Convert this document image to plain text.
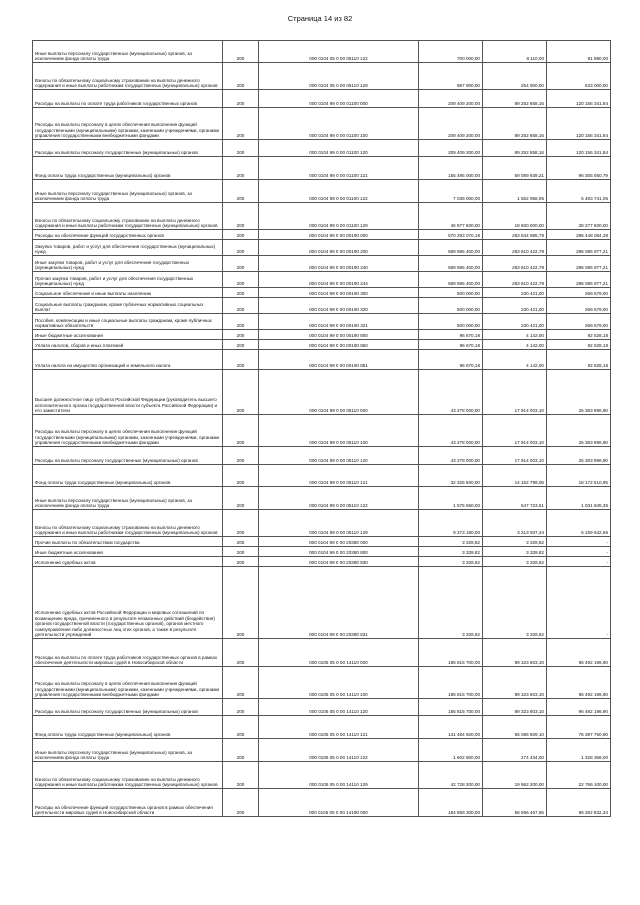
Страница 14 из 82
Иные выплаты персоналу государственных (муниципальных) органов, за исключением фонда оплаты труда	200	000 0104 05 0 00 05110 122	700 000,00	8 110,00	91 890,00
Взносы по обязательному социальному страхованию на выплаты денежного содержания и иные выплаты работникам государственных (муниципальных) органов	200	000 0104 05 0 00 05110 129	887 900,00	254 900,00	633 000,00
Расходы на выплаты по оплате труда работников государственных органов	200	000 0104 99 0 00 01100 000	209 409 200,00	89 252 858,16	120 156 341,84
Расходы на выплаты персоналу в целях обеспечения выполнения функций государственными (муниципальными) органами, казенными учреждениями, органами управления государственными внебюджетными фондами	200	000 0104 99 0 00 01100 100	209 409 200,00	89 252 858,16	120 156 341,84
Расходы на выплаты персоналу государственных (муниципальных) органов	200	000 0104 99 0 00 01100 120	209 409 200,00	89 252 858,16	120 156 341,84
Фонд оплаты труда государственных (муниципальных) органов	200	000 0104 99 0 00 01100 121	155 495 000,00	59 089 939,21	96 305 060,79
Иные выплаты персоналу государственных (муниципальных) органов, за исключением фонда оплаты труда	200	000 0104 99 0 00 01100 122	7 036 000,00	1 552 958,95	5 483 741,05
Взносы по обязательному социальному страхованию на выплаты денежного содержания и иные выплаты работникам государственных (муниципальных) органов	200	000 0104 99 0 00 01100 129	46 877 600,00	18 600 000,00	28 277 600,00
Расходы на обеспечение функций государственных органов	200	000 0104 99 0 00 00190 000	570 293 070,18	283 844 985,79	286 448 084,39
Закупка товаров, работ и услуг для обеспечения государственных (муниципальных) нужд	200	000 0104 99 0 00 00190 200	569 696 400,00	283 610 422,79	286 085 977,21
Иные закупки товаров, работ и услуг для обеспечения государственных (муниципальных) нужд	200	000 0104 99 0 00 00190 240	569 696 400,00	283 610 422,79	286 085 977,21
Прочая закупка товаров, работ и услуг для обеспечения государственных (муниципальных) нужд	200	000 0104 99 0 00 00190 244	569 696 400,00	283 610 422,79	286 085 977,21
Социальное обеспечение и иные выплаты населению	200	000 0104 99 0 00 00190 300	500 000,00	230 421,00	269 579,00
Социальные выплаты гражданам, кроме публичных нормативных социальных выплат	200	000 0104 99 0 00 00190 320	500 000,00	230 421,00	269 579,00
Пособия, компенсации и иные социальные выплаты гражданам, кроме публичных нормативных обязательств	200	000 0104 99 0 00 00190 321	500 000,00	230 421,00	269 579,00
Иные бюджетные ассигнования	200	000 0104 99 0 00 00190 800	96 670,18	4 142,00	92 528,18
Уплата налогов, сборов и иных платежей	200	000 0104 99 0 00 00190 850	96 670,18	4 142,00	92 528,18
Уплата налога на имущество организаций и земельного налога	200	000 0104 99 0 00 00190 851	96 670,18	4 142,00	92 528,18
Высшее должностное лицо субъекта Российской Федерации (руководитель высшего исполнительного органа государственной власти субъекта Российской Федерации) и его заместители	200	000 0104 99 0 00 05110 000	43 278 000,00	17 914 003,10	25 363 996,90
Расходы на выплаты персоналу в целях обеспечения выполнения функций государственными (муниципальными) органами, казенными учреждениями, органами управления государственными внебюджетными фондами	200	000 0104 99 0 00 05110 100	43 278 000,00	17 914 003,10	25 363 996,90
Расходы на выплаты персоналу государственных (муниципальных) органов	200	000 0104 99 0 00 05110 120	43 278 000,00	17 914 003,10	25 363 996,90
Фонд оплаты труда государственных (муниципальных) органов	200	000 0104 99 0 00 05110 121	32 325 500,00	14 152 799,05	18 172 510,95
Иные выплаты персоналу государственных (муниципальных) органов, за исключением фонда оплаты труда	200	000 0104 99 0 00 05110 122	1 575 560,00	547 723,51	1 031 845,36
Взносы по обязательному социальному страхованию на выплаты денежного содержания и иные выплаты работникам государственных (муниципальных) органов	200	000 0104 99 0 00 05110 129	9 373 180,00	3 213 937,44	6 159 642,56
Прочие выплаты по обязательствам государства	200	000 0104 99 0 00 20380 000	3 329,82	3 329,82	-
Иные бюджетные ассигнования	200	000 0104 99 0 00 20380 800	3 329,82	3 329,82	-
Исполнение судебных актов	200	000 0104 99 0 00 20380 830	3 329,82	3 329,82	-
Исполнение судебных актов Российской Федерации и мировых соглашений по возмещению вреда, причиненного в результате незаконных действий (бездействия) органов государственной власти (государственных органов), органов местного самоуправления либо должностных лиц этих органов, а также в результате деятельности учреждений	200	000 0104 99 0 00 20380 831	3 329,82	3 329,82	-
Расходы на выплаты по оплате труда работников государственных органов в рамках обеспечения деятельности мировых судей в Новосибирской области	200	000 0105 05 0 00 14110 000	185 815 700,00	89 323 603,10	96 492 196,90
Расходы на выплаты персоналу в целях обеспечения выполнения функций государственными (муниципальными) органами, казенными учреждениями, органами управления государственными внебюджетными фондами	200	000 0105 05 0 00 14110 100	185 815 700,00	89 323 603,10	96 492 196,90
Расходы на выплаты персоналу государственных (муниципальных) органов	200	000 0105 05 0 00 14110 120	185 815 700,00	89 323 603,10	96 492 196,90
Фонд оплаты труда государственных (муниципальных) органов	200	000 0105 05 0 00 14110 121	141 484 600,00	65 086 809,10	76 397 760,90
Иные выплаты персоналу государственных (муниципальных) органов, за исключением фонда оплаты труда	200	000 0105 05 0 00 14110 122	1 602 800,00	274 434,00	1 328 366,00
Взносы по обязательному социальному страхованию на выплаты денежного содержания и иные выплаты работникам государственных (муниципальных) органов	200	000 0105 05 0 00 14110 129	42 728 300,00	19 962 200,00	22 766 100,00
Расходы на обеспечение функций государственных органов в рамках обеспечения деятельности мировых судей в Новосибирской области	200	000 0105 05 0 00 14190 000	154 859 300,00	58 596 467,66	96 262 832,34
